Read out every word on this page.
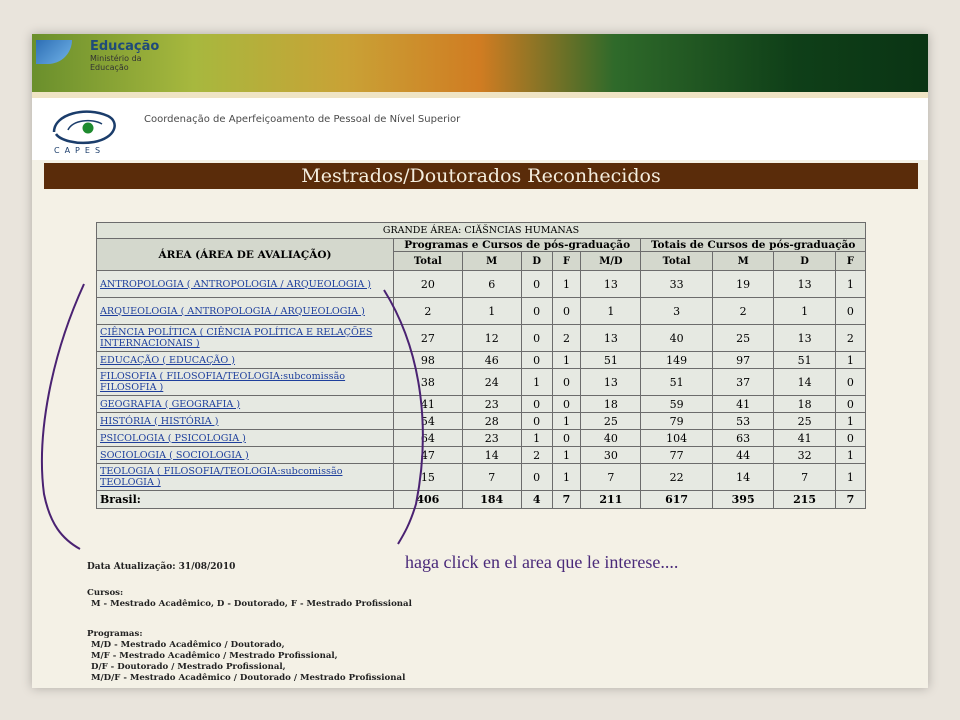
Educação
Ministério da Educação
CAPES
Coordenação de Aperfeiçoamento de Pessoal de Nível Superior
Mestrados/Doutorados Reconhecidos
GRANDE ÁREA: CIĂŠNCIAS HUMANAS									
ÁREA (ÁREA DE AVALIAÇÃO)	Programas e Cursos de pós-graduação					Totais de Cursos de pós-graduação			
	Total	M	D	F	M/D	Total	M	D	F
ANTROPOLOGIA ( ANTROPOLOGIA / ARQUEOLOGIA )	20	6	0	1	13	33	19	13	1
ARQUEOLOGIA ( ANTROPOLOGIA / ARQUEOLOGIA )	2	1	0	0	1	3	2	1	0
CIÊNCIA POLÍTICA ( CIÊNCIA POLÍTICA E RELAÇÕES INTERNACIONAIS )	27	12	0	2	13	40	25	13	2
EDUCAÇÃO ( EDUCAÇÃO )	98	46	0	1	51	149	97	51	1
FILOSOFIA ( FILOSOFIA/TEOLOGIA:subcomissão FILOSOFIA )	38	24	1	0	13	51	37	14	0
GEOGRAFIA ( GEOGRAFIA )	41	23	0	0	18	59	41	18	0
HISTÓRIA ( HISTÓRIA )	54	28	0	1	25	79	53	25	1
PSICOLOGIA ( PSICOLOGIA )	64	23	1	0	40	104	63	41	0
SOCIOLOGIA ( SOCIOLOGIA )	47	14	2	1	30	77	44	32	1
TEOLOGIA ( FILOSOFIA/TEOLOGIA:subcomissão TEOLOGIA )	15	7	0	1	7	22	14	7	1
Brasil:	406	184	4	7	211	617	395	215	7
haga click en el area que le interese....
Data Atualização: 31/08/2010
Cursos:
M - Mestrado Acadêmico, D - Doutorado, F - Mestrado Profissional
Programas:
M/D - Mestrado Acadêmico / Doutorado,
M/F - Mestrado Acadêmico / Mestrado Profissional,
D/F - Doutorado / Mestrado Profissional,
M/D/F - Mestrado Acadêmico / Doutorado / Mestrado Profissional
